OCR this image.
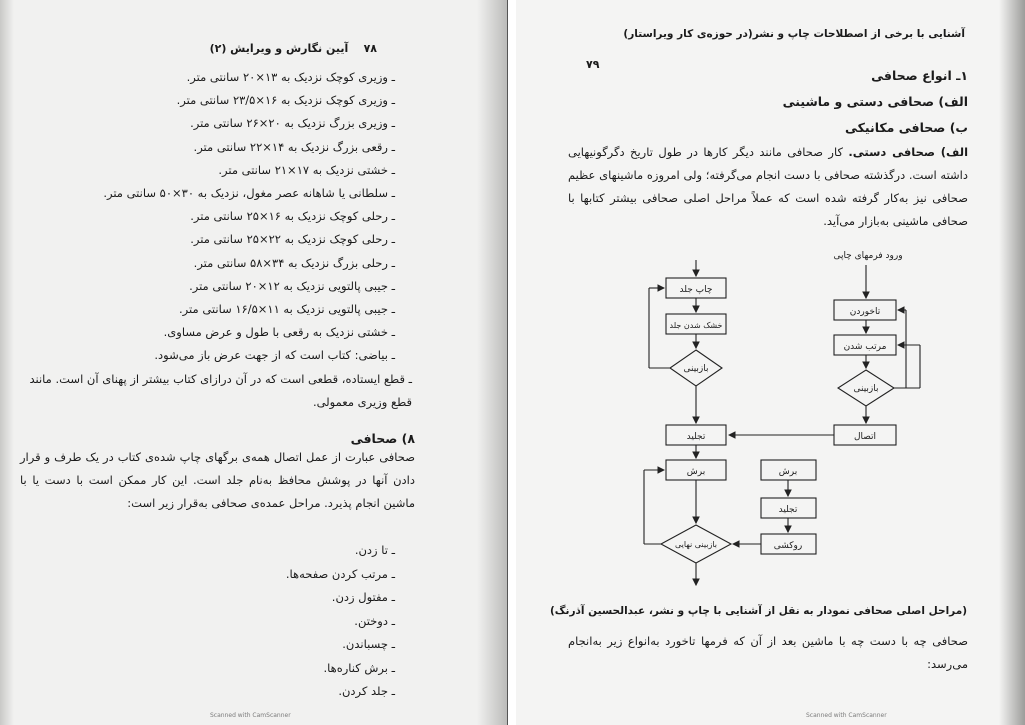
۷۸    آیین نگارش و ویرایش (۲)
ـ وزیری کوچک نزدیک به ۱۳×۲۰ سانتی متر.
ـ وزیری کوچک نزدیک به ۱۶×۲۳/۵ سانتی متر.
ـ وزیری بزرگ نزدیک به ۲۰×۲۶ سانتی متر.
ـ رقعی بزرگ نزدیک به ۱۴×۲۲ سانتی متر.
ـ خشتی نزدیک به ۱۷×۲۱ سانتی متر.
ـ سلطانی یا شاهانه عصر مغول، نزدیک به ۳۰×۵۰ سانتی متر.
ـ رحلی کوچک نزدیک به ۱۶×۲۵ سانتی متر.
ـ رحلی کوچک نزدیک به ۲۲×۲۵ سانتی متر.
ـ رحلی بزرگ نزدیک به ۳۴×۵۸ سانتی متر.
ـ جیبی پالتویی نزدیک به ۱۲×۲۰ سانتی متر.
ـ جیبی پالتویی نزدیک به ۱۱×۱۶/۵ سانتی متر.
ـ خشتی نزدیک به رقعی با طول و عرض مساوی.
ـ بیاضی: کتاب است که از جهت عرض باز می‌شود.
ـ قطع ایستاده، قطعی است که در آن درازای کتاب بیشتر از پهنای آن است. مانند
قطع وزیری معمولی.
۸) صحافی
صحافی عبارت از عمل اتصال همه‌ی برگهای چاپ شده‌ی کتاب در یک طرف و قرار دادن آنها در پوشش محافظ به‌نام جلد است. این کار ممکن است با دست یا با ماشین انجام پذیرد. مراحل عمده‌ی صحافی به‌قرار زیر است:
ـ تا زدن.
ـ مرتب کردن صفحه‌ها.
ـ مفتول زدن.
ـ دوختن.
ـ چسباندن.
ـ برش کناره‌ها.
ـ جلد کردن.
Scanned with CamScanner
آشنایی با برخی از اصطلاحات چاپ و نشر(در حوزه‌ی کار ویراستار)
۷۹
۱ـ انواع صحافی
الف) صحافی دستی و ماشینی
ب) صحافی مکانیکی
الف) صحافی دستی. کار صحافی مانند دیگر کارها در طول تاریخ دگرگونیهایی داشته است. درگذشته صحافی با دست انجام می‌گرفته؛ ولی امروزه ماشینهای عظیم صحافی نیز به‌کار گرفته شده است که عملاً مراحل اصلی صحافی بیشتر کتابها با صحافی ماشینی به‌بازار می‌آید.
ورود فرمهای چاپی
تاخوردن
مرتب شدن
بازبینی
اتصال
چاپ جلد
خشک شدن جلد
بازبینی
تجلید
برش	برش
تجلید
روکشی
بازبینی نهایی
(مراحل اصلی صحافی نمودار به نقل از آشنایی با چاپ و نشر، عبدالحسین آذرنگ)
صحافی چه با دست چه با ماشین بعد از آن که فرمها تاخورد به‌انواع زیر به‌انجام می‌رسد:
Scanned with CamScanner
